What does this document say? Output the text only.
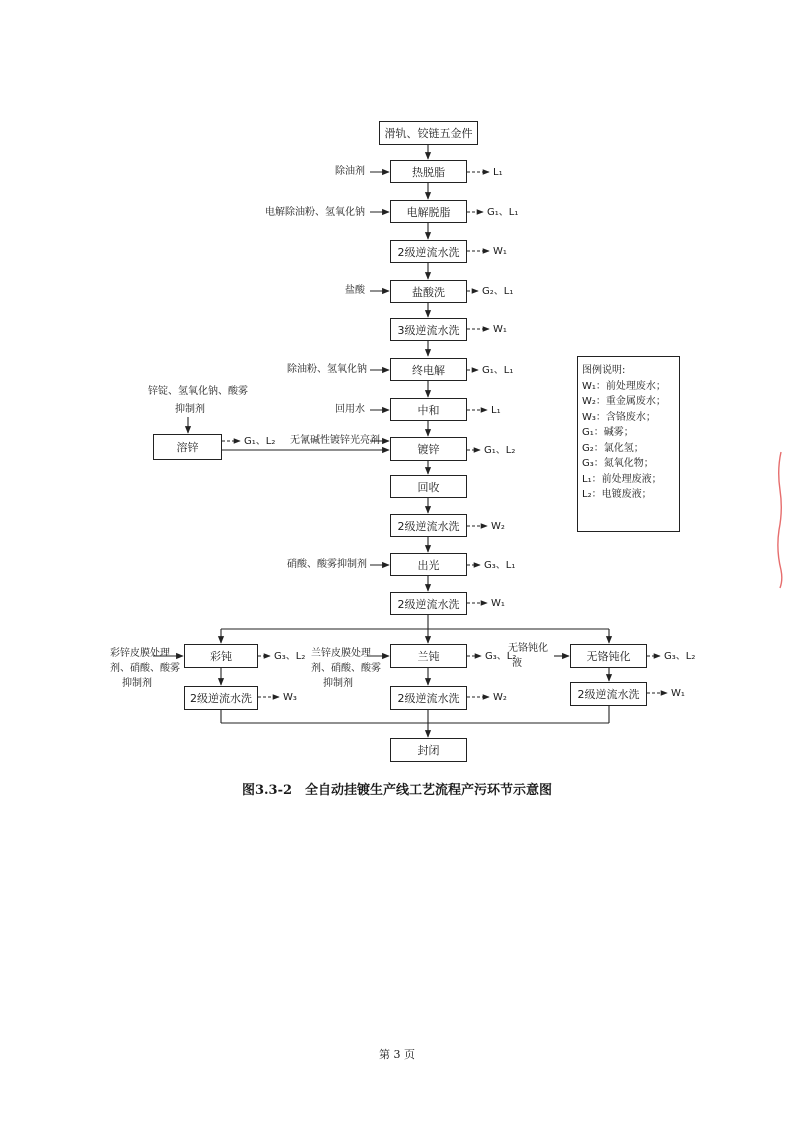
滑轨、铰链五金件
热脱脂
电解脱脂
2级逆流水洗
盐酸洗
3级逆流水洗
终电解
中和
溶锌	镀锌
回收
2级逆流水洗
出光
2级逆流水洗
彩钝	兰钝	无铬钝化
2级逆流水洗	2级逆流水洗	2级逆流水洗
封闭
除油剂
电解除油粉、氢氧化钠
盐酸
除油粉、氢氧化钠
锌锭、氢氧化钠、酸雾
抑制剂	回用水
无氰碱性镀锌光亮剂
硝酸、酸雾抑制剂
彩锌皮膜处理
剂、硝酸、酸雾
抑制剂
兰锌皮膜处理
剂、硝酸、酸雾
抑制剂
无铬钝化
液
L₁
G₁、L₁
W₁
G₂、L₁
W₁
G₁、L₁
L₁
G₁、L₂
G₁、L₂
W₂
G₃、L₁
W₁
G₃、L₂	G₃、L₂	G₃、L₂
W₃	W₂	W₁
图例说明:
W₁：前处理废水；
W₂：重金属废水；
W₃：含铬废水；
G₁：碱雾；
G₂：氯化氢；
G₃：氮氧化物；
L₁：前处理废液；
L₂：电镀废液；
图3.3-2　全自动挂镀生产线工艺流程产污环节示意图
第 3 页
